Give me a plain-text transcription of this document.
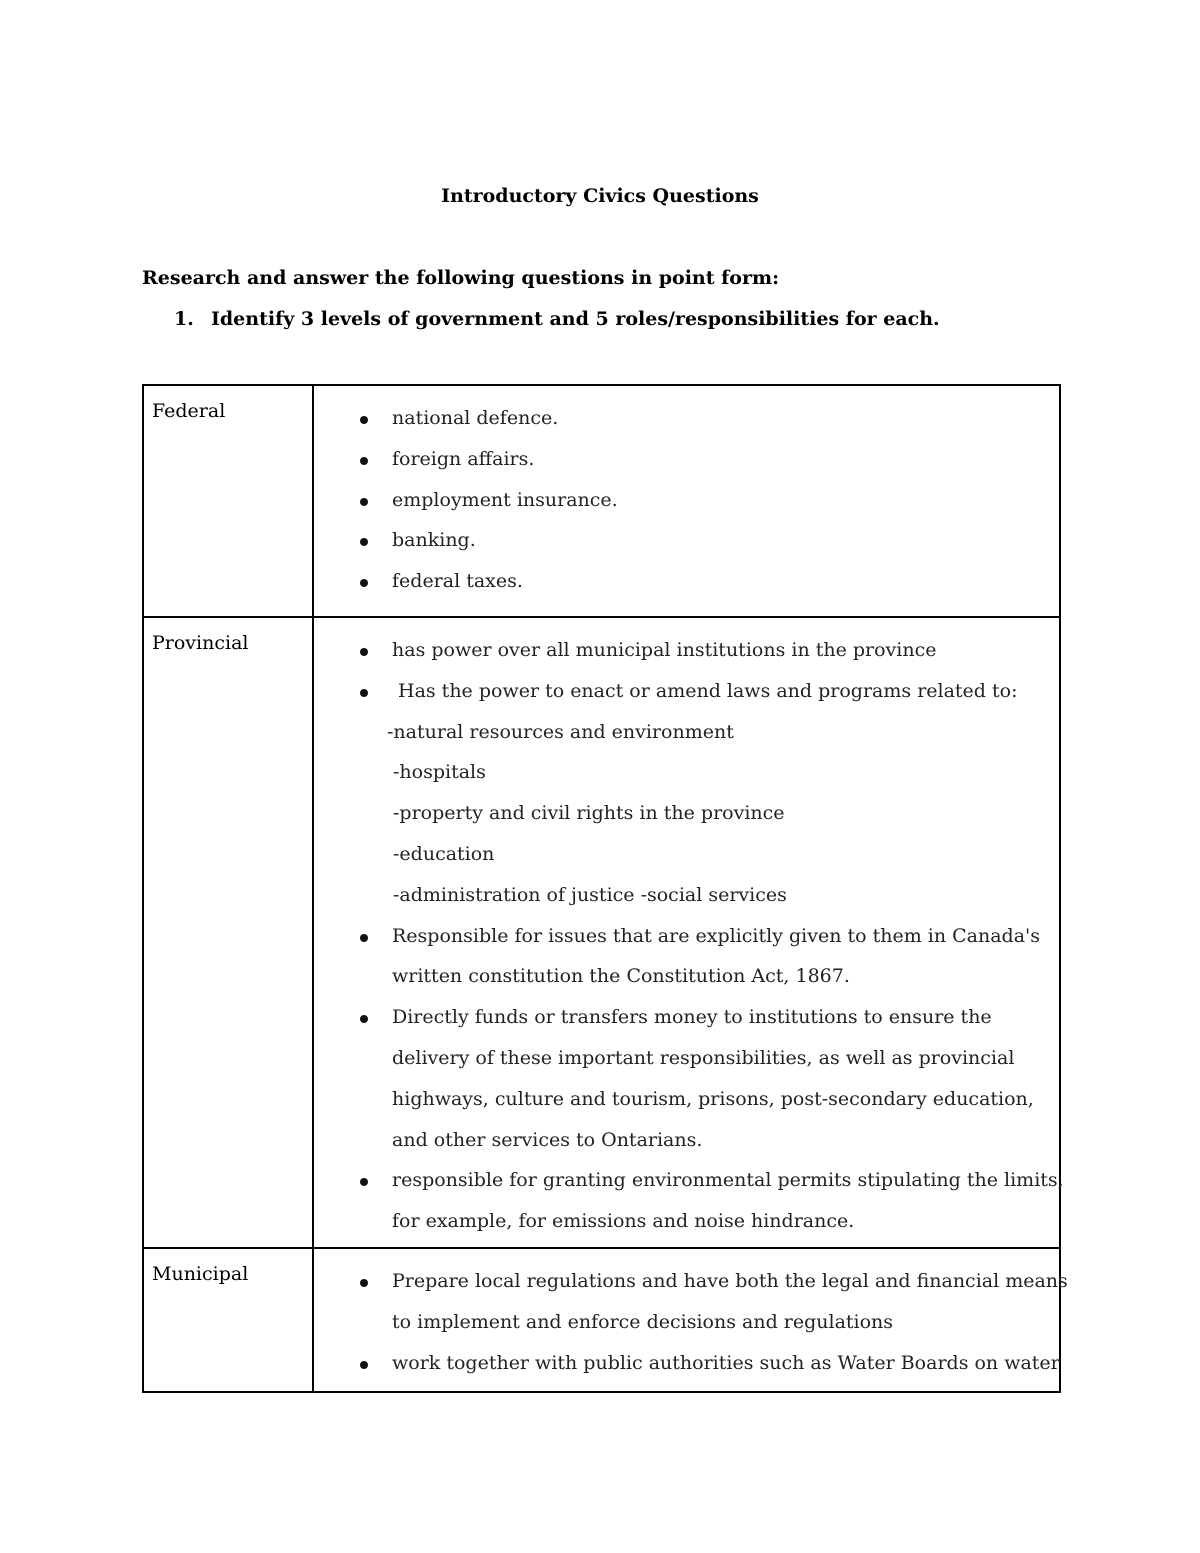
Introductory Civics Questions
Research and answer the following questions in point form:
1. Identify 3 levels of government and 5 roles/responsibilities for each.
Federal	national defence.
foreign affairs.
employment insurance.
banking.
federal taxes.
Provincial	has power over all municipal institutions in the province
Has the power to enact or amend laws and programs related to:
-natural resources and environment
-hospitals
-property and civil rights in the province
-education
-administration of justice -social services
Responsible for issues that are explicitly given to them in Canada's
written constitution the Constitution Act, 1867.
Directly funds or transfers money to institutions to ensure the
delivery of these important responsibilities, as well as provincial
highways, culture and tourism, prisons, post-secondary education,
and other services to Ontarians.
responsible for granting environmental permits stipulating the limits,
for example, for emissions and noise hindrance.
Municipal	Prepare local regulations and have both the legal and financial means
to implement and enforce decisions and regulations
work together with public authorities such as Water Boards on water
